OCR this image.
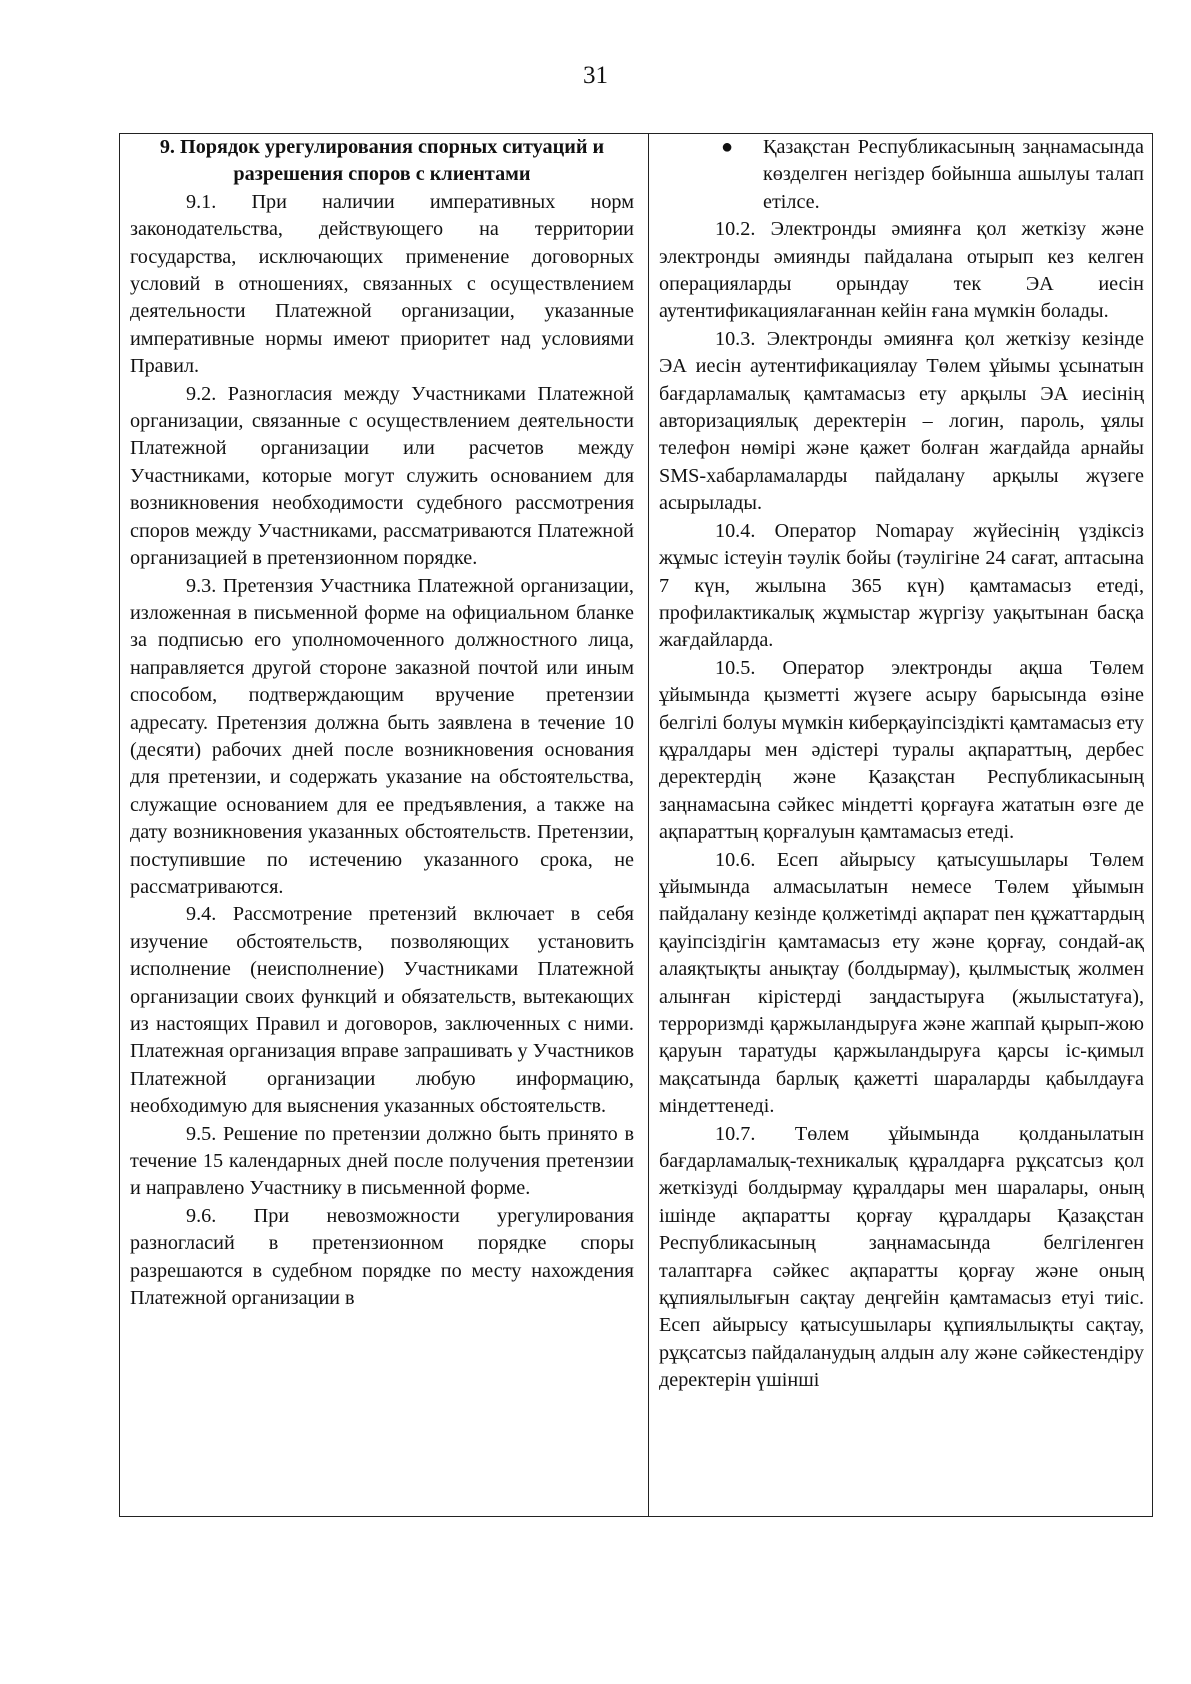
31

9. Порядок урегулирования спорных ситуаций и разрешения споров с клиентами

9.1. При наличии императивных норм законодательства, действующего на территории государства, исключающих применение договорных условий в отношениях, связанных с осуществлением деятельности Платежной организации, указанные императивные нормы имеют приоритет над условиями Правил.

9.2. Разногласия между Участниками Платежной организации, связанные с осуществлением деятельности Платежной организации или расчетов между Участниками, которые могут служить основанием для возникновения необходимости судебного рассмотрения споров между Участниками, рассматриваются Платежной организацией в претензионном порядке.

9.3. Претензия Участника Платежной организации, изложенная в письменной форме на официальном бланке за подписью его уполномоченного должностного лица, направляется другой стороне заказной почтой или иным способом, подтверждающим вручение претензии адресату. Претензия должна быть заявлена в течение 10 (десяти) рабочих дней после возникновения основания для претензии, и содержать указание на обстоятельства, служащие основанием для ее предъявления, а также на дату возникновения указанных обстоятельств. Претензии, поступившие по истечению указанного срока, не рассматриваются.

9.4. Рассмотрение претензий включает в себя изучение обстоятельств, позволяющих установить исполнение (неисполнение) Участниками Платежной организации своих функций и обязательств, вытекающих из настоящих Правил и договоров, заключенных с ними. Платежная организация вправе запрашивать у Участников Платежной организации любую информацию, необходимую для выяснения указанных обстоятельств.

9.5. Решение по претензии должно быть принято в течение 15 календарных дней после получения претензии и направлено Участнику в письменной форме.

9.6. При невозможности урегулирования разногласий в претензионном порядке споры разрешаются в судебном порядке по месту нахождения Платежной организации в

● Қазақстан Республикасының заңнамасында көзделген негіздер бойынша ашылуы талап етілсе.

10.2. Электронды әмиянға қол жеткізу және электронды әмиянды пайдалана отырып кез келген операцияларды орындау тек ЭА иесін аутентификациялағаннан кейін ғана мүмкін болады.

10.3. Электронды әмиянға қол жеткізу кезінде ЭА иесін аутентификациялау Төлем ұйымы ұсынатын бағдарламалық қамтамасыз ету арқылы ЭА иесінің авторизациялық деректерін – логин, пароль, ұялы телефон нөмірі және қажет болған жағдайда арнайы SMS-хабарламаларды пайдалану арқылы жүзеге асырылады.

10.4. Оператор Nomapay жүйесінің үздіксіз жұмыс істеуін тәулік бойы (тәулігіне 24 сағат, аптасына 7 күн, жылына 365 күн) қамтамасыз етеді, профилактикалық жұмыстар жүргізу уақытынан басқа жағдайларда.

10.5. Оператор электронды ақша Төлем ұйымында қызметті жүзеге асыру барысында өзіне белгілі болуы мүмкін киберқауіпсіздікті қамтамасыз ету құралдары мен әдістері туралы ақпараттың, дербес деректердің және Қазақстан Республикасының заңнамасына сәйкес міндетті қорғауға жататын өзге де ақпараттың қорғалуын қамтамасыз етеді.

10.6. Есеп айырысу қатысушылары Төлем ұйымында алмасылатын немесе Төлем ұйымын пайдалану кезінде қолжетімді ақпарат пен құжаттардың қауіпсіздігін қамтамасыз ету және қорғау, сондай-ақ алаяқтықты анықтау (болдырмау), қылмыстық жолмен алынған кірістерді заңдастыруға (жылыстатуға), терроризмді қаржыландыруға және жаппай қырып-жою қаруын таратуды қаржыландыруға қарсы іс-қимыл мақсатында барлық қажетті шараларды қабылдауға міндеттенеді.

10.7. Төлем ұйымында қолданылатын бағдарламалық-техникалық құралдарға рұқсатсыз қол жеткізуді болдырмау құралдары мен шаралары, оның ішінде ақпаратты қорғау құралдары Қазақстан Республикасының заңнамасында белгіленген талаптарға сәйкес ақпаратты қорғау және оның құпиялылығын сақтау деңгейін қамтамасыз етуі тиіс. Есеп айырысу қатысушылары құпиялылықты сақтау, рұқсатсыз пайдаланудың алдын алу және сәйкестендіру деректерін үшінші
